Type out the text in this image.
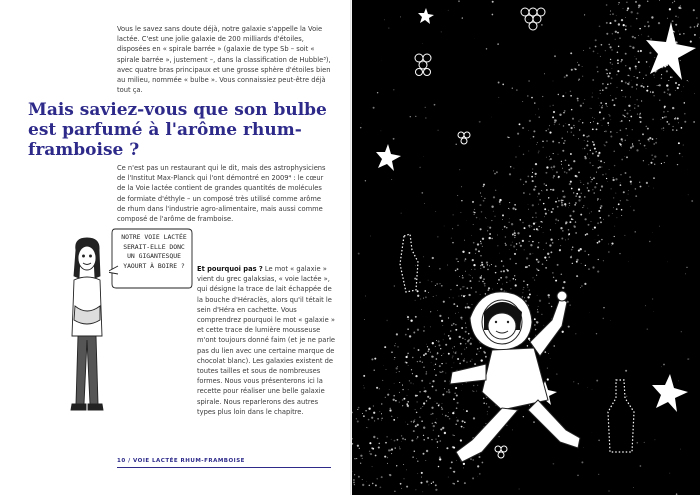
Vous le savez sans doute déjà, notre galaxie s'appelle la Voie lactée. C'est une jolie galaxie de 200 milliards d'étoiles, disposées en « spirale barrée » (galaxie de type Sb – soit « spirale barrée », justement –, dans la classification de Hubble³), avec quatre bras principaux et une grosse sphère d'étoiles bien au milieu, nommée « bulbe ». Vous connaissiez peut-être déjà tout ça.

Mais saviez-vous que son bulbe est parfumé à l'arôme rhum-framboise ?

Ce n'est pas un restaurant qui le dit, mais des astrophysiciens de l'Institut Max-Planck qui l'ont démontré en 2009⁴ : le cœur de la Voie lactée contient de grandes quantités de molécules de formiate d'éthyle – un composé très utilisé comme arôme de rhum dans l'industrie agro-alimentaire, mais aussi comme composé de l'arôme de framboise.

NOTRE VOIE LACTÉE SERAIT-ELLE DONC UN GIGANTESQUE YAOURT À BOIRE ?	Et pourquoi pas ? Le mot « galaxie » vient du grec galaksias, « voie lactée », qui désigne la trace de lait échappée de la bouche d'Héraclès, alors qu'il tétait le sein d'Héra en cachette. Vous comprendrez pourquoi le mot « galaxie » et cette trace de lumière mousseuse m'ont toujours donné faim (et je ne parle pas du lien avec une certaine marque de chocolat blanc). Les galaxies existent de toutes tailles et sous de nombreuses formes. Nous vous présenterons ici la recette pour réaliser une belle galaxie spirale. Nous reparlerons des autres types plus loin dans le chapitre.

10 / VOIE LACTÉE RHUM-FRAMBOISE
